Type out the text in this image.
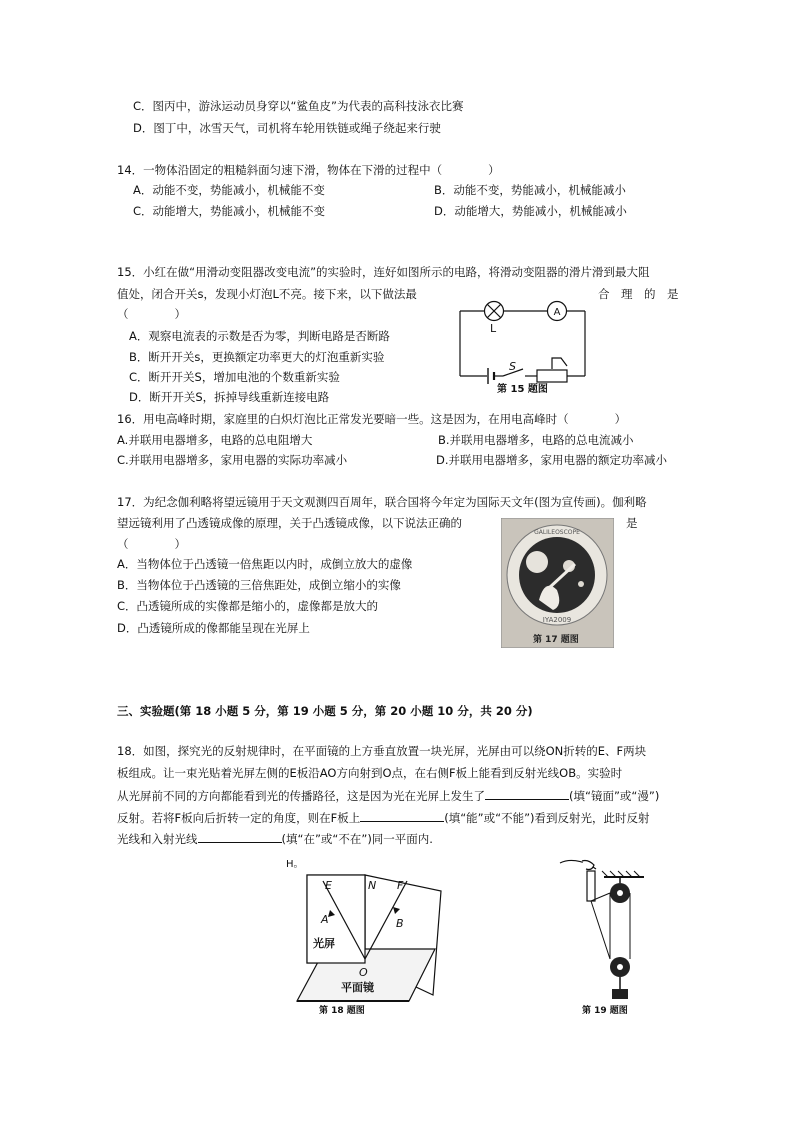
C．图丙中，游泳运动员身穿以“鲨鱼皮”为代表的高科技泳衣比赛
D．图丁中，冰雪天气，司机将车轮用铁链或绳子绕起来行驶
14．一物体沿固定的粗糙斜面匀速下滑，物体在下滑的过程中（　　　　）
A．动能不变，势能减小，机械能不变	B．动能不变，势能减小，机械能减小
C．动能增大，势能减小，机械能不变	D．动能增大，势能减小，机械能减小
15．小红在做“用滑动变阻器改变电流”的实验时，连好如图所示的电路，将滑动变阻器的滑片滑到最大阻
值处，闭合开关s，发现小灯泡L不亮。接下来，以下做法最	合　理　的　是
（　　　　）
A．观察电流表的示数是否为零，判断电路是否断路
B．断开开关s，更换额定功率更大的灯泡重新实验
C．断开开关S，增加电池的个数重新实验
D．断开开关S，拆掉导线重新连接电路
A
L
S
第 15 题图
16．用电高峰时期，家庭里的白炽灯泡比正常发光要暗一些。这是因为，在用电高峰时（　　　　）
A.并联用电器增多，电路的总电阻增大	B.并联用电器增多，电路的总电流减小
C.并联用电器增多，家用电器的实际功率减小	D.并联用电器增多，家用电器的额定功率减小
17．为纪念伽利略将望远镜用于天文观测四百周年，联合国将今年定为国际天文年(图为宣传画)。伽利略
望远镜利用了凸透镜成像的原理，关于凸透镜成像，以下说法正确的	是
（　　　　）
A．当物体位于凸透镜一倍焦距以内时，成倒立放大的虚像
B．当物体位于凸透镜的三倍焦距处，成倒立缩小的实像
C．凸透镜所成的实像都是缩小的，虚像都是放大的
D．凸透镜所成的像都能呈现在光屏上
GALILEOSCOPE
IYA2009
第 17 题图
三、实验题(第 18 小题 5 分，第 19 小题 5 分，第 20 小题 10 分，共 20 分)
18．如图，探究光的反射规律时，在平面镜的上方垂直放置一块光屏，光屏由可以绕ON折转的E、F两块
板组成。让一束光贴着光屏左侧的E板沿AO方向射到O点，在右侧F板上能看到反射光线OB。实验时
从光屏前不同的方向都能看到光的传播路径，这是因为光在光屏上发生了	(填“镜面”或“漫”)
反射。若将F板向后折转一定的角度，则在F板上	(填“能”或“不能”)看到反射光，此时反射
光线和入射光线	(填“在”或“不在”)同一平面内.
H。
E	N F
A	B
O
光屏
平面镜
第 18 题图	第 19 题图
